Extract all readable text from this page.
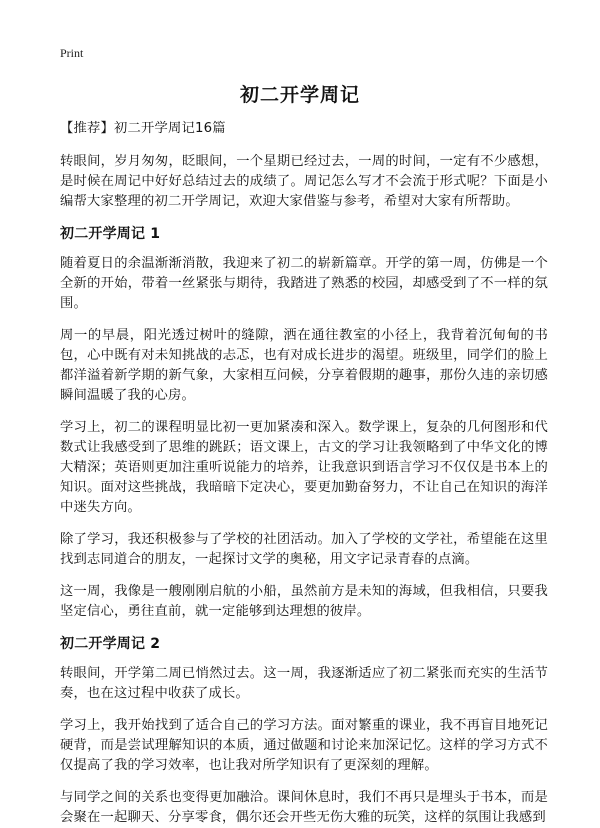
Print
初二开学周记

【推荐】初二开学周记16篇

转眼间，岁月匆匆，眨眼间，一个星期已经过去，一周的时间，一定有不少感想，是时候在周记中好好总结过去的成绩了。周记怎么写才不会流于形式呢？下面是小编帮大家整理的初二开学周记，欢迎大家借鉴与参考，希望对大家有所帮助。

初二开学周记 1

随着夏日的余温渐渐消散，我迎来了初二的崭新篇章。开学的第一周，仿佛是一个全新的开始，带着一丝紧张与期待，我踏进了熟悉的校园，却感受到了不一样的氛围。

周一的早晨，阳光透过树叶的缝隙，洒在通往教室的小径上，我背着沉甸甸的书包，心中既有对未知挑战的忐忑，也有对成长进步的渴望。班级里，同学们的脸上都洋溢着新学期的新气象，大家相互问候，分享着假期的趣事，那份久违的亲切感瞬间温暖了我的心房。

学习上，初二的课程明显比初一更加紧凑和深入。数学课上，复杂的几何图形和代数式让我感受到了思维的跳跃；语文课上，古文的学习让我领略到了中华文化的博大精深；英语则更加注重听说能力的培养，让我意识到语言学习不仅仅是书本上的知识。面对这些挑战，我暗暗下定决心，要更加勤奋努力，不让自己在知识的海洋中迷失方向。

除了学习，我还积极参与了学校的社团活动。加入了学校的文学社，希望能在这里找到志同道合的朋友，一起探讨文学的奥秘，用文字记录青春的点滴。

这一周，我像是一艘刚刚启航的小船，虽然前方是未知的海域，但我相信，只要我坚定信心，勇往直前，就一定能够到达理想的彼岸。

初二开学周记 2

转眼间，开学第二周已悄然过去。这一周，我逐渐适应了初二紧张而充实的生活节奏，也在这过程中收获了成长。

学习上，我开始找到了适合自己的学习方法。面对繁重的课业，我不再盲目地死记硬背，而是尝试理解知识的本质，通过做题和讨论来加深记忆。这样的学习方式不仅提高了我的学习效率，也让我对所学知识有了更深刻的理解。

与同学之间的关系也变得更加融洽。课间休息时，我们不再只是埋头于书本，而是会聚在一起聊天、分享零食，偶尔还会开些无伤大雅的玩笑，这样的氛围让我感到
